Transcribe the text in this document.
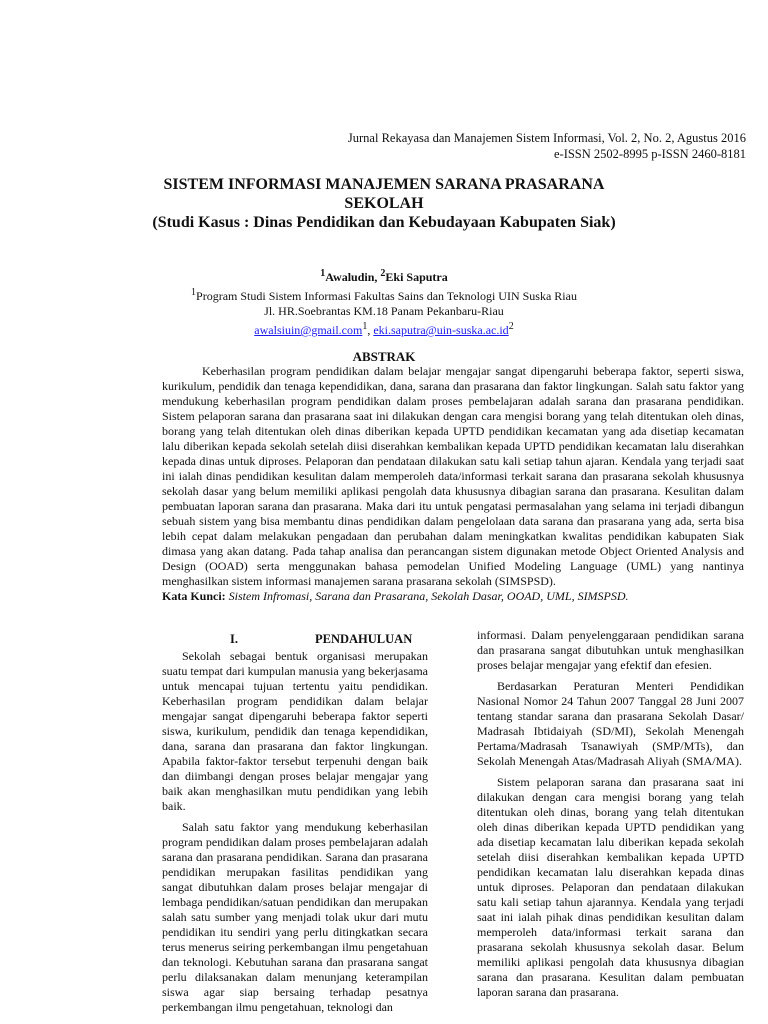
Jurnal Rekayasa dan Manajemen Sistem Informasi, Vol. 2, No. 2, Agustus 2016
e-ISSN 2502-8995 p-ISSN 2460-8181

SISTEM INFORMASI MANAJEMEN SARANA PRASARANA

SEKOLAH

(Studi Kasus : Dinas Pendidikan dan Kebudayaan Kabupaten Siak)

$^1$Awaludin, $^2$Eki Saputra
$^1$Program Studi Sistem Informasi Fakultas Sains dan Teknologi UIN Suska Riau
Jl. HR.Soebrantas KM.18 Panam Pekanbaru-Riau
awalsiuin@gmail.com$^1$, $eki.saputra@uin-suska.ac.id^2$
ABSTRAK

Keberhasilan program pendidikan dalam belajar mengajar sangat dipengaruhi beberapa faktor, seperti siswa, kurikulum, pendidik dan tenaga kependidikan, dana, sarana dan prasarana dan faktor lingkungan. Salah satu faktor yang mendukung keberhasilan program pendidikan dalam proses pembelajaran adalah sarana dan prasarana pendidikan. Sistem pelaporan sarana dan prasarana saat ini dilakukan dengan cara mengisi borang yang telah ditentukan oleh dinas, borang yang telah ditentukan oleh dinas diberikan kepada UPTD pendidikan kecamatan yang ada disetiap kecamatan lalu diberikan kepada sekolah setelah diisi diserahkan kembalikan kepada UPTD pendidikan kecamatan lalu diserahkan kepada dinas untuk diproses. Pelaporan dan pendataan dilakukan satu kali setiap tahun ajaran. Kendala yang terjadi saat ini ialah dinas pendidikan kesulitan dalam memperoleh data/informasi terkait sarana dan prasarana sekolah khususnya sekolah dasar yang belum memiliki aplikasi pengolah data khususnya dibagian sarana dan prasarana. Kesulitan dalam pembuatan laporan sarana dan prasarana. Maka dari itu untuk pengatasi permasalahan yang selama ini terjadi dibangun sebuah sistem yang bisa membantu dinas pendidikan dalam pengelolaan data sarana dan prasarana yang ada, serta bisa lebih cepat dalam melakukan pengadaan dan perubahan dalam meningkatkan kwalitas pendidikan kabupaten Siak dimasa yang akan datang. Pada tahap analisa dan perancangan sistem digunakan metode Object Oriented Analysis and Design (OOAD) serta menggunakan bahasa pemodelan Unified Modeling Language (UML) yang nantinya menghasilkan sistem informasi manajemen sarana prasarana sekolah (SIMSPSD).

Kata Kunci: Sistem Infromasi, Sarana dan Prasarana, Sekolah Dasar, OOAD, UML, SIMSPSD.

I.	PENDAHULUAN

Sekolah sebagai bentuk organisasi merupakan suatu tempat dari kumpulan manusia yang bekerjasama untuk mencapai tujuan tertentu yaitu pendidikan. Keberhasilan program pendidikan dalam belajar mengajar sangat dipengaruhi beberapa faktor seperti siswa, kurikulum, pendidik dan tenaga kependidikan, dana, sarana dan prasarana dan faktor lingkungan. Apabila faktor-faktor tersebut terpenuhi dengan baik dan diimbangi dengan proses belajar mengajar yang baik akan menghasilkan mutu pendidikan yang lebih baik.

Salah satu faktor yang mendukung keberhasilan program pendidikan dalam proses pembelajaran adalah sarana dan prasarana pendidikan. Sarana dan prasarana pendidikan merupakan fasilitas pendidikan yang sangat dibutuhkan dalam proses belajar mengajar di lembaga pendidikan/satuan pendidikan dan merupakan salah satu sumber yang menjadi tolak ukur dari mutu pendidikan itu sendiri yang perlu ditingkatkan secara terus menerus seiring perkembangan ilmu pengetahuan dan teknologi. Kebutuhan sarana dan prasarana sangat perlu dilaksanakan dalam menunjang keterampilan siswa agar siap bersaing terhadap pesatnya perkembangan ilmu pengetahuan, teknologi dan

informasi. Dalam penyelenggaraan pendidikan sarana dan prasarana sangat dibutuhkan untuk menghasilkan proses belajar mengajar yang efektif dan efesien.

Berdasarkan Peraturan Menteri Pendidikan Nasional Nomor 24 Tahun 2007 Tanggal 28 Juni 2007 tentang standar sarana dan prasarana Sekolah Dasar/ Madrasah Ibtidaiyah (SD/MI), Sekolah Menengah Pertama/Madrasah Tsanawiyah (SMP/MTs), dan Sekolah Menengah Atas/Madrasah Aliyah (SMA/MA).

Sistem pelaporan sarana dan prasarana saat ini dilakukan dengan cara mengisi borang yang telah ditentukan oleh dinas, borang yang telah ditentukan oleh dinas diberikan kepada UPTD pendidikan yang ada disetiap kecamatan lalu diberikan kepada sekolah setelah diisi diserahkan kembalikan kepada UPTD pendidikan kecamatan lalu diserahkan kepada dinas untuk diproses. Pelaporan dan pendataan dilakukan satu kali setiap tahun ajarannya. Kendala yang terjadi saat ini ialah pihak dinas pendidikan kesulitan dalam memperoleh data/informasi terkait sarana dan prasarana sekolah khususnya sekolah dasar. Belum memiliki aplikasi pengolah data khususnya dibagian sarana dan prasarana. Kesulitan dalam pembuatan laporan sarana dan prasarana.
